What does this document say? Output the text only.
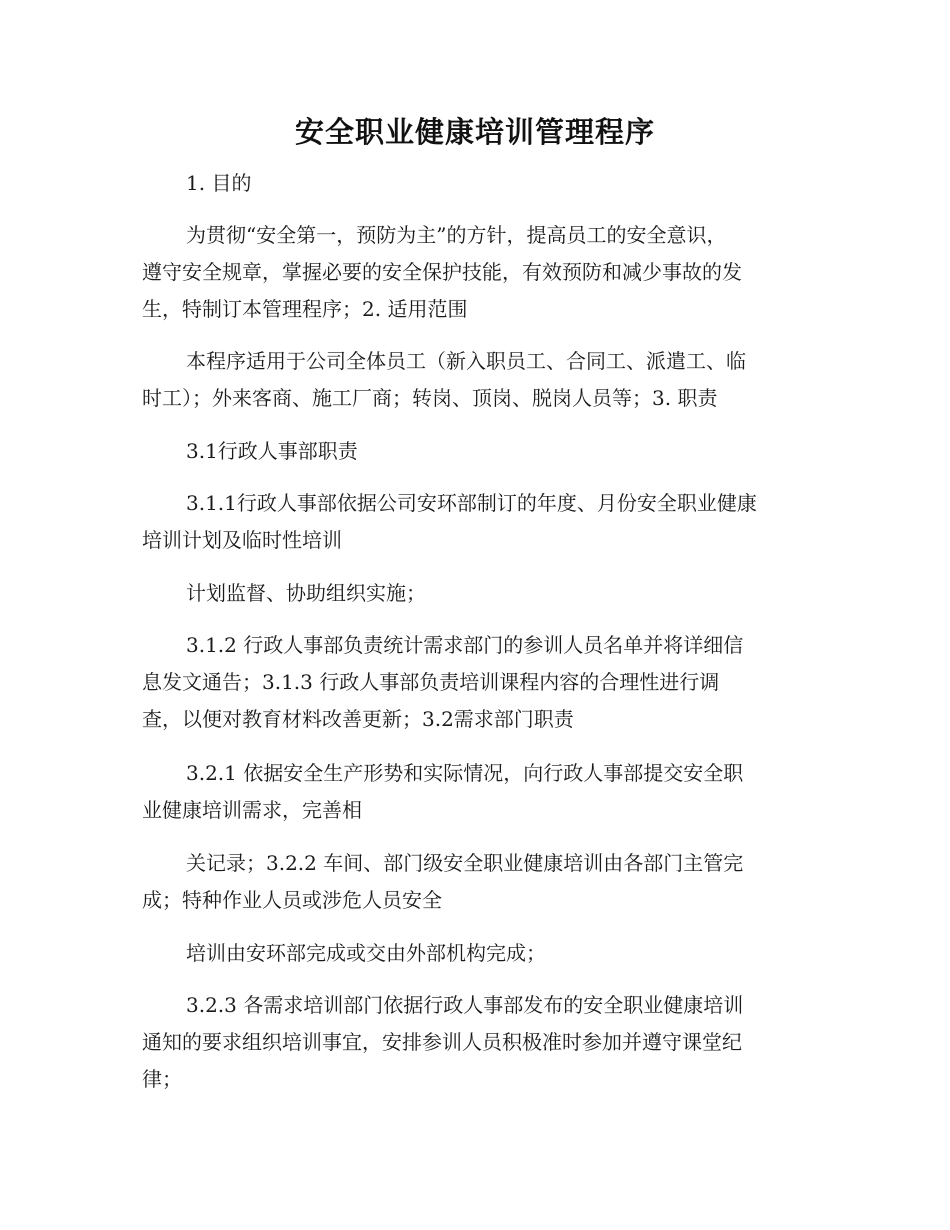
安全职业健康培训管理程序
1. 目的
为贯彻“安全第一，预防为主”的方针，提高员工的安全意识，
遵守安全规章，掌握必要的安全保护技能，有效预防和减少事故的发
生，特制订本管理程序；2. 适用范围
本程序适用于公司全体员工（新入职员工、合同工、派遣工、临
时工）；外来客商、施工厂商；转岗、顶岗、脱岗人员等；3. 职责
3.1行政人事部职责
3.1.1行政人事部依据公司安环部制订的年度、月份安全职业健康
培训计划及临时性培训
计划监督、协助组织实施；
3.1.2 行政人事部负责统计需求部门的参训人员名单并将详细信
息发文通告；3.1.3 行政人事部负责培训课程内容的合理性进行调
查，以便对教育材料改善更新；3.2需求部门职责
3.2.1 依据安全生产形势和实际情况，向行政人事部提交安全职
业健康培训需求，完善相
关记录；3.2.2 车间、部门级安全职业健康培训由各部门主管完
成；特种作业人员或涉危人员安全
培训由安环部完成或交由外部机构完成；
3.2.3 各需求培训部门依据行政人事部发布的安全职业健康培训
通知的要求组织培训事宜，安排参训人员积极准时参加并遵守课堂纪
律；
